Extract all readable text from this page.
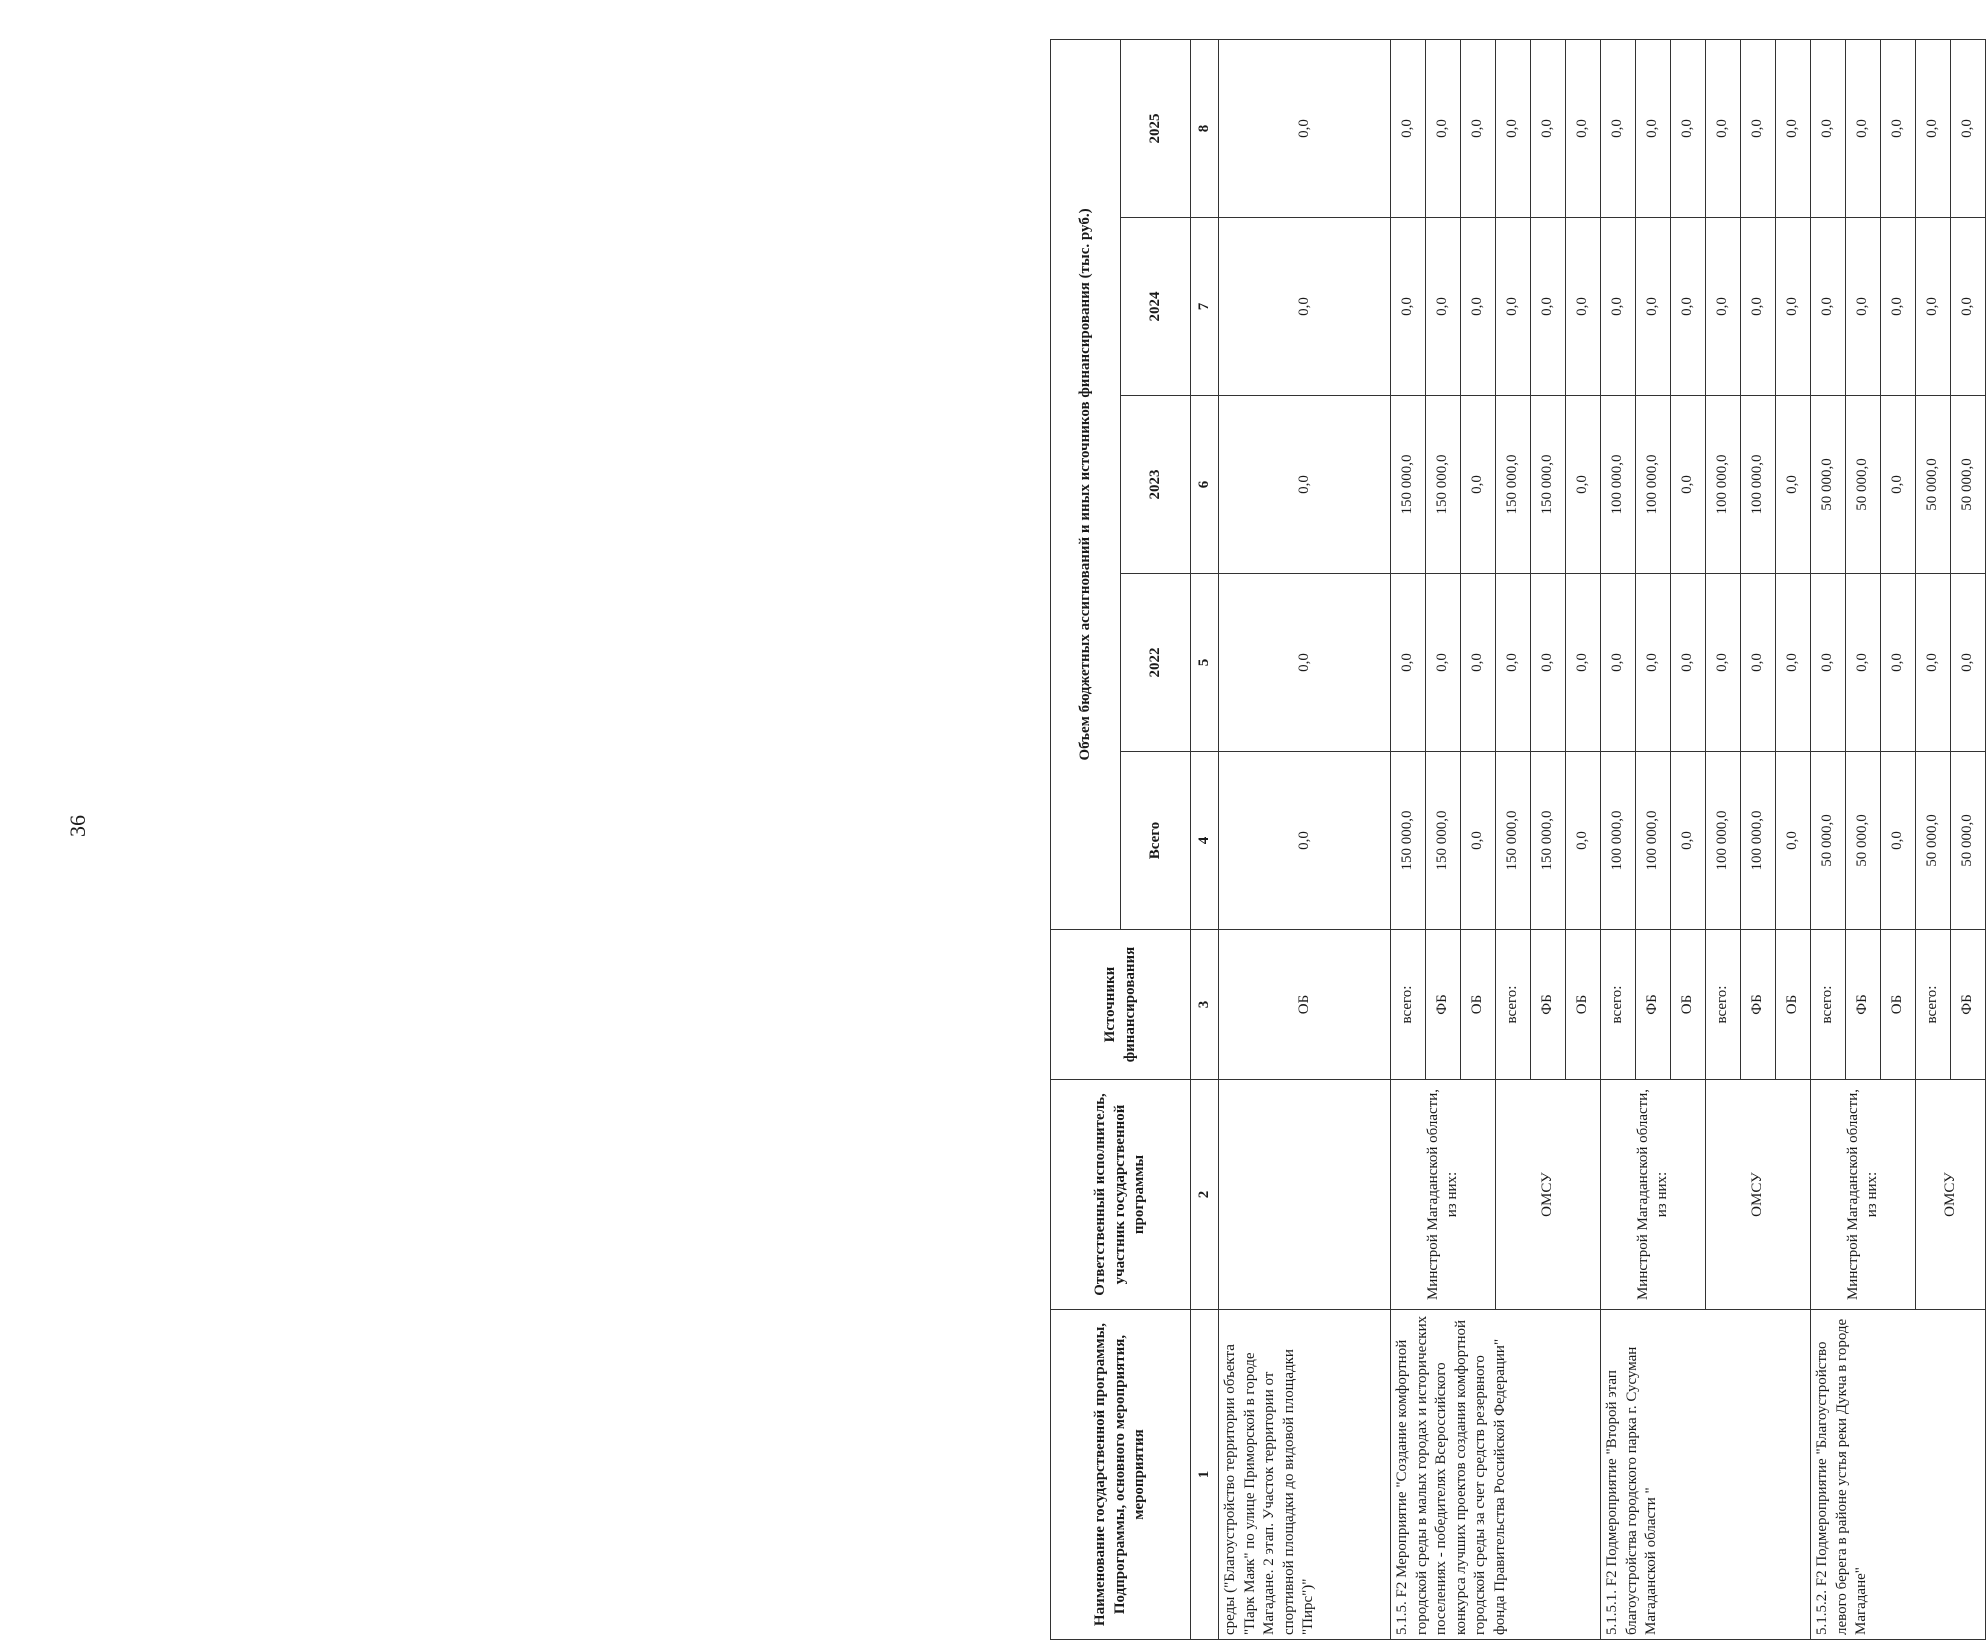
36
Наименование государственной программы, Подпрограммы, основного мероприятия, мероприятия	Ответственный исполнитель, участник государственной программы	Источники финансирования	Объем бюджетных ассигнований и иных источников финансирования (тыс. руб.)				
			Всего	2022	2023	2024	2025
1	2	3	4	5	6	7	8
среды ("Благоустройство территории объекта "Парк Маяк" по улице Приморской в городе Магадане. 2 этап. Участок территории от спортивной площадки до видовой площадки "Пирс")"		ОБ	0,0	0,0	0,0	0,0	0,0
5.1.5. F2 Мероприятие "Создание комфортной городской среды в малых городах и исторических поселениях - победителях Всероссийского конкурса лучших проектов создания комфортной городской среды за счет средств резервного фонда Правительства Российской Федерации"	Минстрой Магаданской области, из них:	всего:	150 000,0	0,0	150 000,0	0,0	0,0
		ФБ	150 000,0	0,0	150 000,0	0,0	0,0
		ОБ	0,0	0,0	0,0	0,0	0,0
	ОМСУ	всего:	150 000,0	0,0	150 000,0	0,0	0,0
		ФБ	150 000,0	0,0	150 000,0	0,0	0,0
		ОБ	0,0	0,0	0,0	0,0	0,0
5.1.5.1. F2 Подмероприятие "Второй этап благоустройства городского парка г. Сусуман Магаданской области "	Минстрой Магаданской области, из них:	всего:	100 000,0	0,0	100 000,0	0,0	0,0
		ФБ	100 000,0	0,0	100 000,0	0,0	0,0
		ОБ	0,0	0,0	0,0	0,0	0,0
	ОМСУ	всего:	100 000,0	0,0	100 000,0	0,0	0,0
		ФБ	100 000,0	0,0	100 000,0	0,0	0,0
		ОБ	0,0	0,0	0,0	0,0	0,0
5.1.5.2. F2 Подмероприятие "Благоустройство левого берега в районе устья реки Дукча в городе Магадане"	Минстрой Магаданской области, из них:	всего:	50 000,0	0,0	50 000,0	0,0	0,0
		ФБ	50 000,0	0,0	50 000,0	0,0	0,0
		ОБ	0,0	0,0	0,0	0,0	0,0
	ОМСУ	всего:	50 000,0	0,0	50 000,0	0,0	0,0
		ФБ	50 000,0	0,0	50 000,0	0,0	0,0
